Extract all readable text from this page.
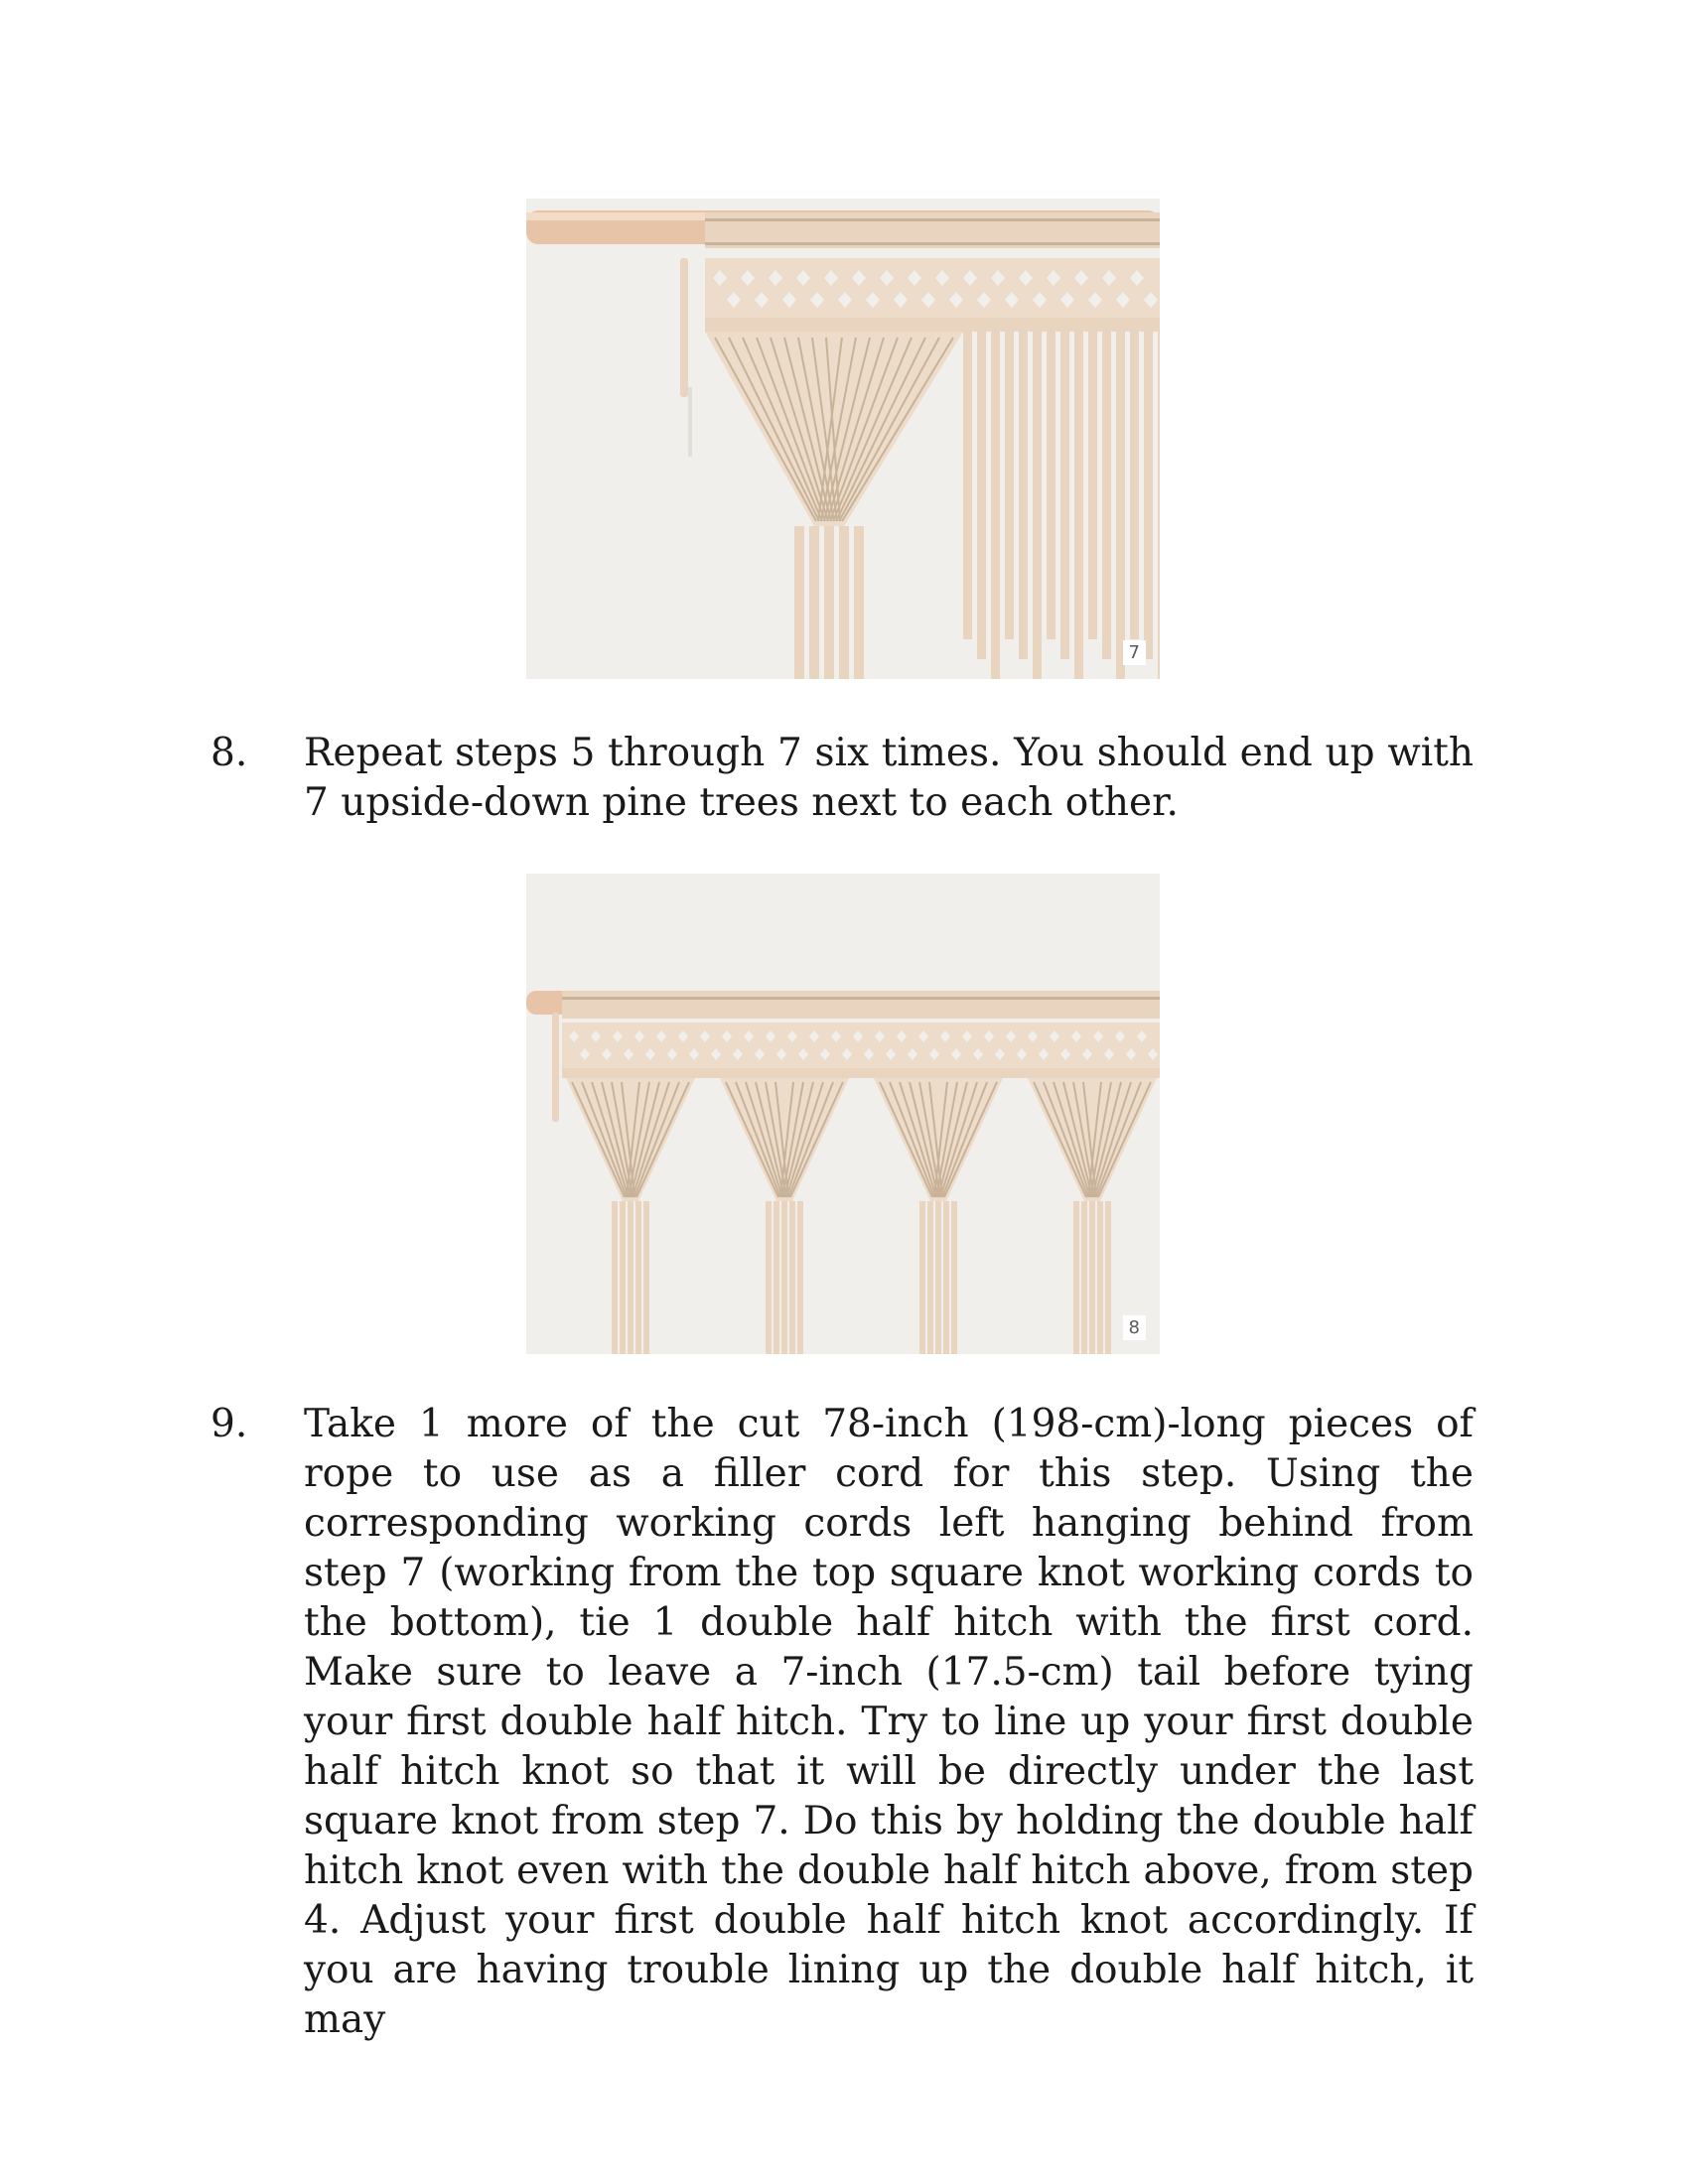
7
8.	Repeat steps 5 through 7 six times. You should end up with 7 upside-down pine trees next to each other.
8
9.	Take 1 more of the cut 78-inch (198-cm)-long pieces of rope to use as a filler cord for this step. Using the corresponding working cords left hanging behind from step 7 (working from the top square knot working cords to the bottom), tie 1 double half hitch with the first cord. Make sure to leave a 7-inch (17.5-cm) tail before tying your first double half hitch. Try to line up your first double half hitch knot so that it will be directly under the last square knot from step 7. Do this by holding the double half hitch knot even with the double half hitch above, from step 4. Adjust your first double half hitch knot accordingly. If you are having trouble lining up the double half hitch, it may
